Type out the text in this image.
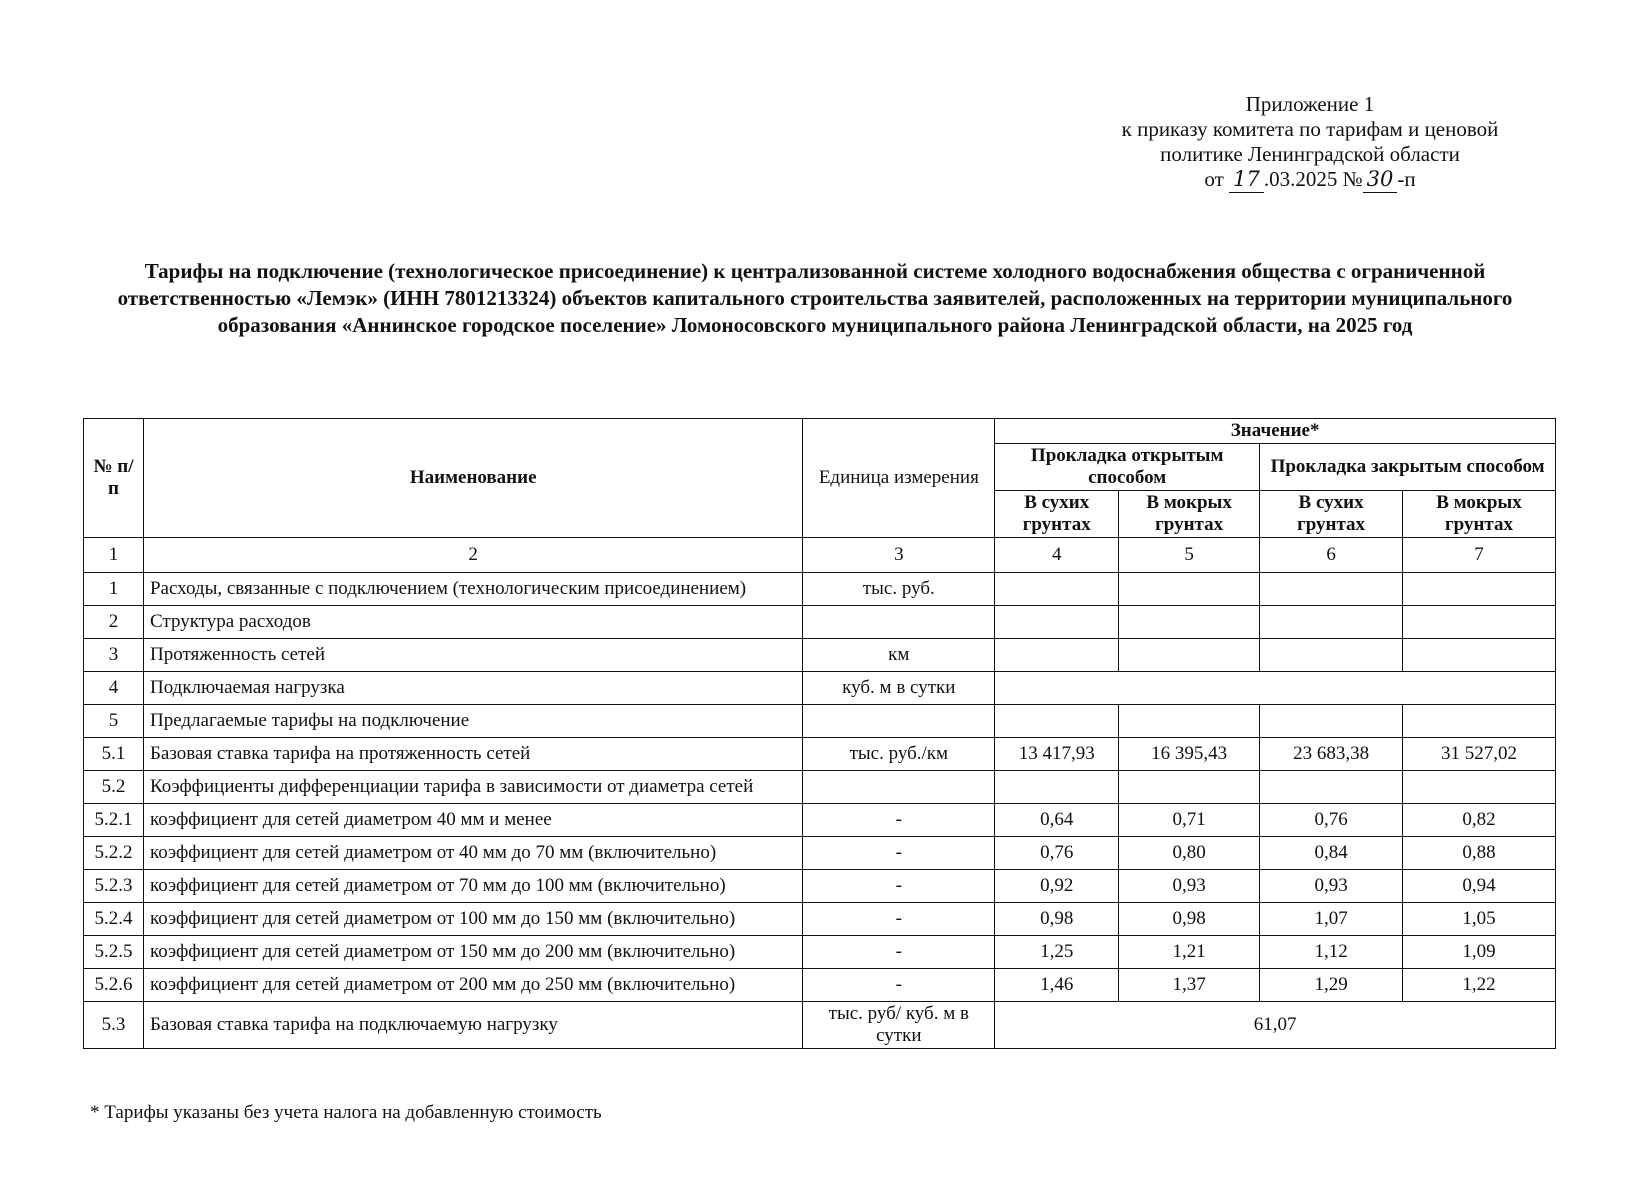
Приложение 1
к приказу комитета по тарифам и ценовой
политике Ленинградской области
от 17 .03.2025 № 30 -п
Тарифы на подключение (технологическое присоединение) к централизованной системе холодного водоснабжения общества с ограниченной ответственностью «Лемэк» (ИНН 7801213324) объектов капитального строительства заявителей, расположенных на территории муниципального образования «Аннинское городское поселение» Ломоносовского муниципального района Ленинградской области, на 2025 год
№ п/п	Наименование	Единица измерения	Значение*			
			Прокладка открытым способом		Прокладка закрытым способом	
			В сухих грунтах	В мокрых грунтах	В сухих грунтах	В мокрых грунтах
1	2	3	4	5	6	7
1	Расходы, связанные с подключением (технологическим присоединением)	тыс. руб.				
2	Структура расходов					
3	Протяженность сетей	км				
4	Подключаемая нагрузка	куб. м в сутки				
5	Предлагаемые тарифы на подключение					
5.1	Базовая ставка тарифа на протяженность сетей	тыс. руб./км	13 417,93	16 395,43	23 683,38	31 527,02
5.2	Коэффициенты дифференциации тарифа в зависимости от диаметра сетей					
5.2.1	коэффициент для сетей диаметром 40 мм и менее	-	0,64	0,71	0,76	0,82
5.2.2	коэффициент для сетей диаметром от 40 мм до 70 мм (включительно)	-	0,76	0,80	0,84	0,88
5.2.3	коэффициент для сетей диаметром от 70 мм до 100 мм (включительно)	-	0,92	0,93	0,93	0,94
5.2.4	коэффициент для сетей диаметром от 100 мм до 150 мм (включительно)	-	0,98	0,98	1,07	1,05
5.2.5	коэффициент для сетей диаметром от 150 мм до 200 мм (включительно)	-	1,25	1,21	1,12	1,09
5.2.6	коэффициент для сетей диаметром от 200 мм до 250 мм (включительно)	-	1,46	1,37	1,29	1,22
5.3	Базовая ставка тарифа на подключаемую нагрузку	тыс. руб/ куб. м в сутки	61,07			
* Тарифы указаны без учета налога на добавленную стоимость
